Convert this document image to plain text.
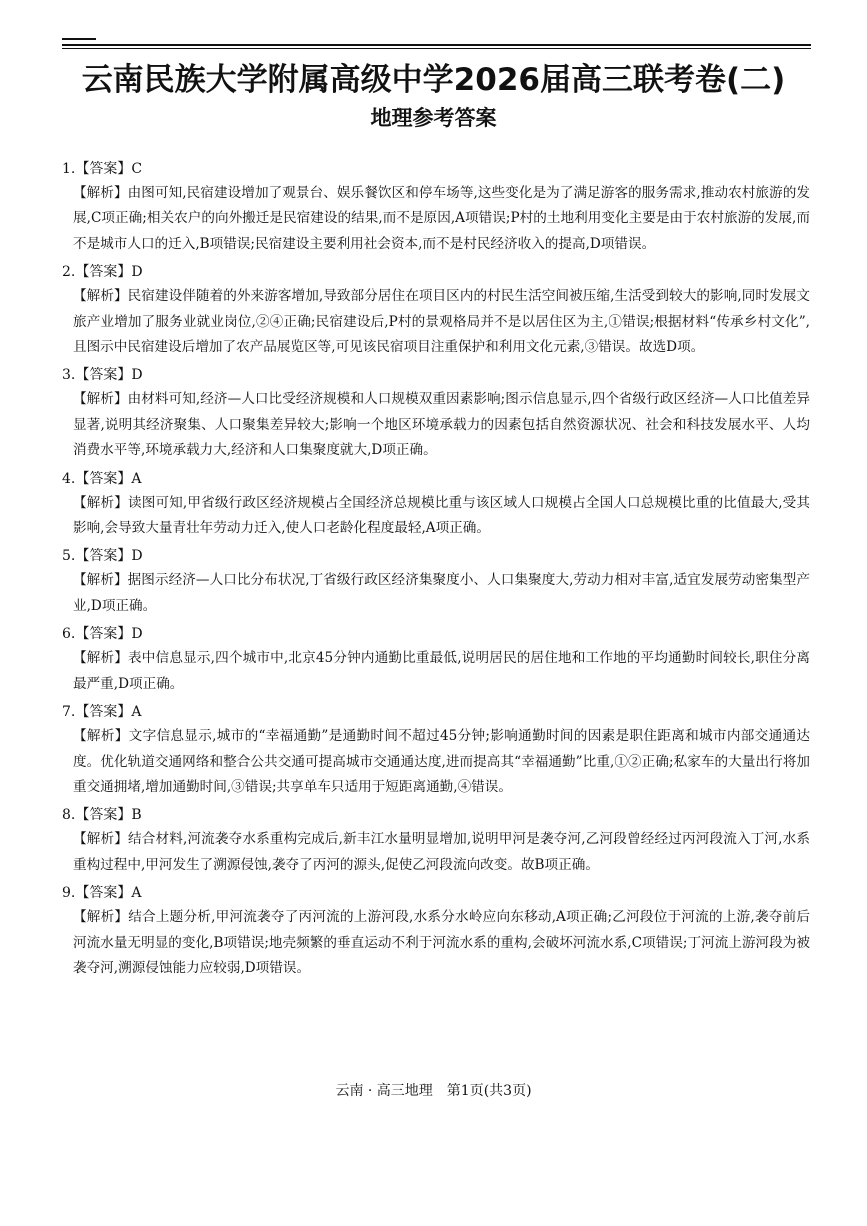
云南民族大学附属高级中学2026届高三联考卷(二)
地理参考答案

1.【答案】C

【解析】由图可知,民宿建设增加了观景台、娱乐餐饮区和停车场等,这些变化是为了满足游客的服务需求,推动农村旅游的发展,C项正确;相关农户的向外搬迁是民宿建设的结果,而不是原因,A项错误;P村的土地利用变化主要是由于农村旅游的发展,而不是城市人口的迁入,B项错误;民宿建设主要利用社会资本,而不是村民经济收入的提高,D项错误。

2.【答案】D

【解析】民宿建设伴随着的外来游客增加,导致部分居住在项目区内的村民生活空间被压缩,生活受到较大的影响,同时发展文旅产业增加了服务业就业岗位,②④正确;民宿建设后,P村的景观格局并不是以居住区为主,①错误;根据材料“传承乡村文化”,且图示中民宿建设后增加了农产品展览区等,可见该民宿项目注重保护和利用文化元素,③错误。故选D项。

3.【答案】D

【解析】由材料可知,经济—人口比受经济规模和人口规模双重因素影响;图示信息显示,四个省级行政区经济—人口比值差异显著,说明其经济聚集、人口聚集差异较大;影响一个地区环境承载力的因素包括自然资源状况、社会和科技发展水平、人均消费水平等,环境承载力大,经济和人口集聚度就大,D项正确。

4.【答案】A

【解析】读图可知,甲省级行政区经济规模占全国经济总规模比重与该区域人口规模占全国人口总规模比重的比值最大,受其影响,会导致大量青壮年劳动力迁入,使人口老龄化程度最轻,A项正确。

5.【答案】D

【解析】据图示经济—人口比分布状况,丁省级行政区经济集聚度小、人口集聚度大,劳动力相对丰富,适宜发展劳动密集型产业,D项正确。

6.【答案】D

【解析】表中信息显示,四个城市中,北京45分钟内通勤比重最低,说明居民的居住地和工作地的平均通勤时间较长,职住分离最严重,D项正确。

7.【答案】A

【解析】文字信息显示,城市的“幸福通勤”是通勤时间不超过45分钟;影响通勤时间的因素是职住距离和城市内部交通通达度。优化轨道交通网络和整合公共交通可提高城市交通通达度,进而提高其“幸福通勤”比重,①②正确;私家车的大量出行将加重交通拥堵,增加通勤时间,③错误;共享单车只适用于短距离通勤,④错误。

8.【答案】B

【解析】结合材料,河流袭夺水系重构完成后,新丰江水量明显增加,说明甲河是袭夺河,乙河段曾经经过丙河段流入丁河,水系重构过程中,甲河发生了溯源侵蚀,袭夺了丙河的源头,促使乙河段流向改变。故B项正确。

9.【答案】A

【解析】结合上题分析,甲河流袭夺了丙河流的上游河段,水系分水岭应向东移动,A项正确;乙河段位于河流的上游,袭夺前后河流水量无明显的变化,B项错误;地壳频繁的垂直运动不利于河流水系的重构,会破坏河流水系,C项错误;丁河流上游河段为被袭夺河,溯源侵蚀能力应较弱,D项错误。

云南 · 高三地理　第1页(共3页)
